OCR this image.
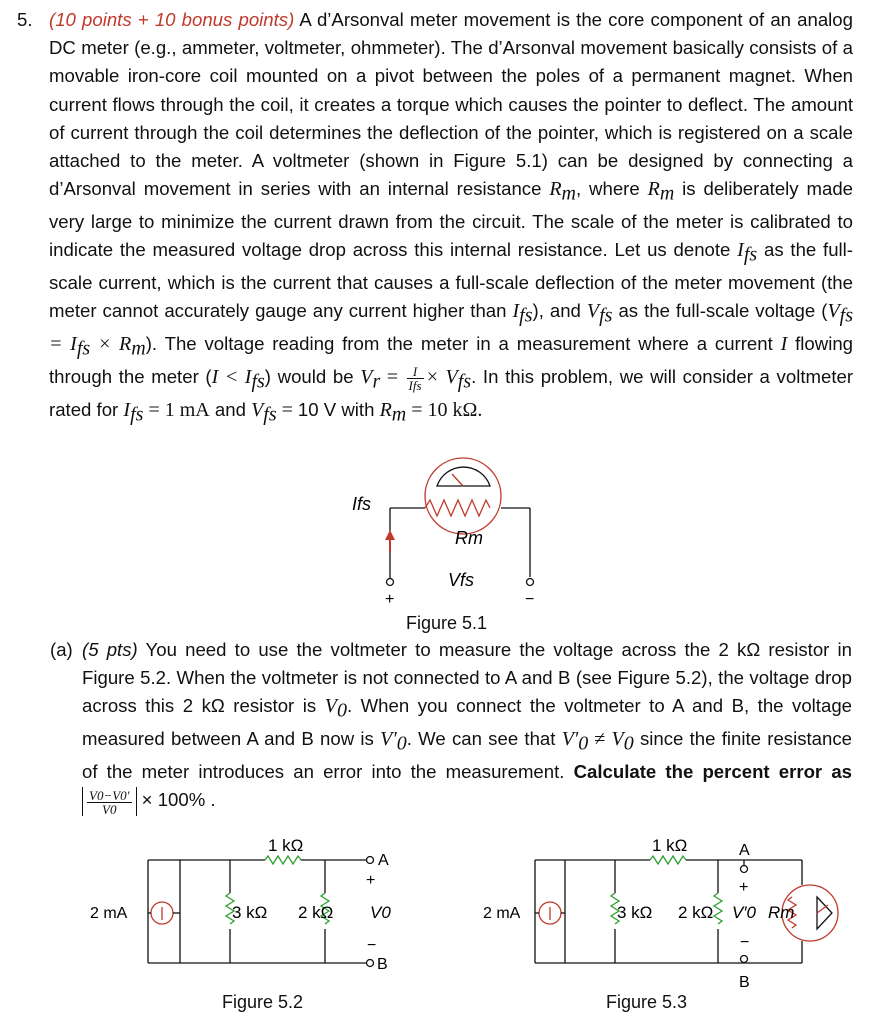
5. (10 points + 10 bonus points) A d’Arsonval meter movement is the core component of an analog DC meter (e.g., ammeter, voltmeter, ohmmeter). The d’Arsonval movement basically consists of a movable iron-core coil mounted on a pivot between the poles of a permanent magnet. When current flows through the coil, it creates a torque which causes the pointer to deflect. The amount of current through the coil determines the deflection of the pointer, which is registered on a scale attached to the meter. A voltmeter (shown in Figure 5.1) can be designed by connecting a d’Arsonval movement in series with an internal resistance $R_m$, where $R_m$ is deliberately made very large to minimize the current drawn from the circuit. The scale of the meter is calibrated to indicate the measured voltage drop across this internal resistance. Let us denote $I_{fs}$ as the full-scale current, which is the current that causes a full-scale deflection of the meter movement (the meter cannot accurately gauge any current higher than $I_{fs}$), and $V_{fs}$ as the full-scale voltage $(V_{fs} = I_{fs} \times R_m)$. The voltage reading from the meter in a measurement where a current I flowing through the meter $(I < I_{fs})$ would be $V_r = \frac{I}{\text{Ifs}} \times V_{fs}$. In this problem, we will consider a voltmeter rated for $I_{fs} = 1$ mA and $V_{fs} = 10$ V with $R_m = 10$ kΩ.
Ifs
Rm
Vfs
+	−
Figure 5.1
(a) (5 pts) You need to use the voltmeter to measure the voltage across the 2 kΩ resistor in Figure 5.2. When the voltmeter is not connected to A and B (see Figure 5.2), the voltage drop across this 2 kΩ resistor is $V_0$. When you connect the voltmeter to A and B, the voltage measured between A and B now is $V'_0$. We can see that $V'_0 \ne V_0$ since the finite resistance of the meter introduces an error into the measurement. Calculate the percent error as
$\frac{V0-V0'}{V0} \times 100\%$ .
2 mA
1 kΩ
3 kΩ 2 kΩ
A
B
+
−
V0
Figure 5.2
2 mA
1 kΩ
3 kΩ 2 kΩ
A
B
+
−
V′0 Rm
Figure 5.3
